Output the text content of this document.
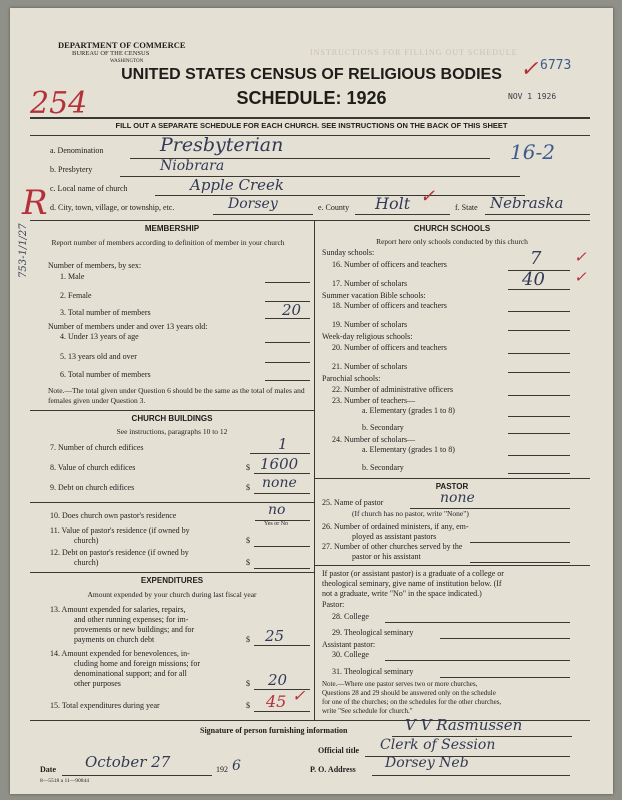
INSTRUCTIONS FOR FILLING OUT SCHEDULE
DEPARTMENT OF COMMERCE
BUREAU OF THE CENSUS
WASHINGTON
254
6773
✓
NOV 1 1926
UNITED STATES CENSUS OF RELIGIOUS BODIES
SCHEDULE: 1926
FILL OUT A SEPARATE SCHEDULE FOR EACH CHURCH. SEE INSTRUCTIONS ON THE BACK OF THIS SHEET
R
a. Denomination	Presbyterian	16-2
b. Presbytery	Niobrara
c. Local name of church	Apple Creek
d. City, town, village, or township, etc.	Dorsey	e. County Holt ✓
f. State Nebraska
MEMBERSHIP
Report number of members according to definition of member in your church
Number of members, by sex:
1. Male
2. Female
3. Total number of members	20
Number of members under and over 13 years old:
4. Under 13 years of age
5. 13 years old and over
6. Total number of members
Note.—The total given under Question 6 should be the same as the total of males and females given under Question 3.
753-1/1/27
CHURCH BUILDINGS
See instructions, paragraphs 10 to 12
7. Number of church edifices	1
8. Value of church edifices	$ 1600
9. Debt on church edifices	$ none
10. Does church own pastor's residence	no
Yes or No
11. Value of pastor's residence (if owned by
church)	$
12. Debt on pastor's residence (if owned by
church)	$
EXPENDITURES
Amount expended by your church during last fiscal year
13. Amount expended for salaries, repairs,
and other running expenses; for im-
provements or new buildings; and for
payments on church debt	$ 25
14. Amount expended for benevolences, in-
cluding home and foreign missions; for
denominational support; and for all
other purposes	$ 20
15. Total expenditures during year	$ 45 ✓
CHURCH SCHOOLS
Report here only schools conducted by this church
Sunday schools:
16. Number of officers and teachers	7 ✓
17. Number of scholars	40 ✓
Summer vacation Bible schools:
18. Number of officers and teachers
19. Number of scholars
Week-day religious schools:
20. Number of officers and teachers
21. Number of scholars
Parochial schools:
22. Number of administrative officers
23. Number of teachers—
a. Elementary (grades 1 to 8)
b. Secondary
24. Number of scholars—
a. Elementary (grades 1 to 8)
b. Secondary
PASTOR
25. Name of pastor	none
(If church has no pastor, write "None")
26. Number of ordained ministers, if any, em-
ployed as assistant pastors
27. Number of other churches served by the
pastor or his assistant
If pastor (or assistant pastor) is a graduate of a college or
theological seminary, give name of institution below. (If
not a graduate, write "No" in the space indicated.)
Pastor:
28. College
29. Theological seminary
Assistant pastor:
30. College
31. Theological seminary
Note.—Where one pastor serves two or more churches,
Questions 28 and 29 should be answered only on the schedule
for one of the churches; on the schedules for the other churches,
write "See schedule for church."
Signature of person furnishing information	V V Rasmussen
Official title Clerk of Session
Date October 27	192 6	P. O. Address Dorsey Neb
8—5518 a 11—90844
